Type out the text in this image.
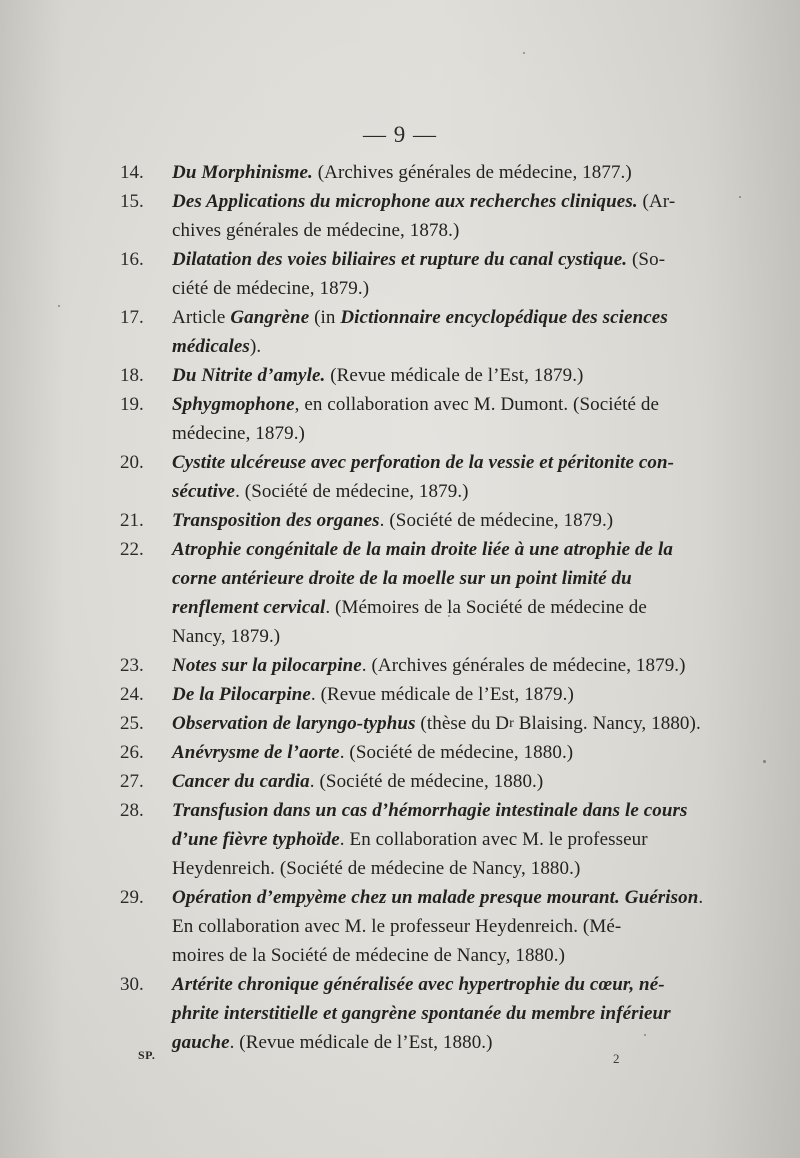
— 9 —
14.	Du Morphinisme. (Archives générales de médecine, 1877.)
15.	Des Applications du microphone aux recherches cliniques. (Ar-
chives générales de médecine, 1878.)
16.	Dilatation des voies biliaires et rupture du canal cystique. (So-
ciété de médecine, 1879.)
17.	Article Gangrène (in Dictionnaire encyclopédique des sciences
médicales).
18.	Du Nitrite d’amyle. (Revue médicale de l’Est, 1879.)
19.	Sphygmophone, en collaboration avec M. Dumont. (Société de
médecine, 1879.)
20.	Cystite ulcéreuse avec perforation de la vessie et péritonite con-
sécutive. (Société de médecine, 1879.)
21.	Transposition des organes. (Société de médecine, 1879.)
22.	Atrophie congénitale de la main droite liée à une atrophie de la
corne antérieure droite de la moelle sur un point limité du
renflement cervical. (Mémoires de la Société de médecine de
Nancy, 1879.)
23.	Notes sur la pilocarpine. (Archives générales de médecine, 1879.)
24.	De la Pilocarpine. (Revue médicale de l’Est, 1879.)
25.	Observation de laryngo-typhus (thèse du $D^r$ Blaising. Nancy, 1880).
26.	Anévrysme de l’aorte. (Société de médecine, 1880.)
27.	Cancer du cardia. (Société de médecine, 1880.)
28.	Transfusion dans un cas d’hémorrhagie intestinale dans le cours
d’une fièvre typhoïde. En collaboration avec M. le professeur
Heydenreich. (Société de médecine de Nancy, 1880.)
29.	Opération d’empyème chez un malade presque mourant. Guérison.
En collaboration avec M. le professeur Heydenreich. (Mé-
moires de la Société de médecine de Nancy, 1880.)
30.	Artérite chronique généralisée avec hypertrophie du cœur, né-
phrite interstitielle et gangrène spontanée du membre inférieur
gauche. (Revue médicale de l’Est, 1880.)
SP.	2
